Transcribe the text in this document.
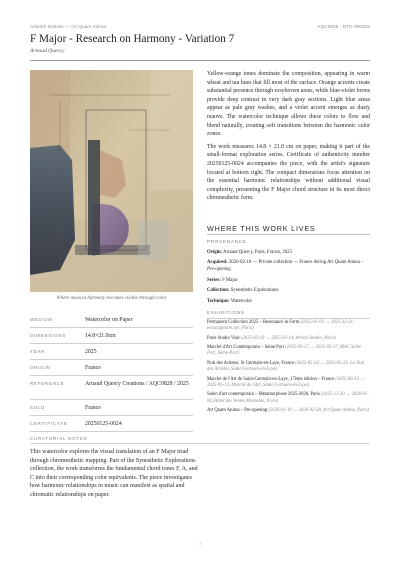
Artwork Notices — Art Quam Anima	AQC0828 · NTC-000425
F Major - Research on Harmony - Variation 7
Arnaud Quercy
Where musical harmony becomes visible through color
MEDIUM	Watercolor on Paper
DIMENSIONS	14.8×21.0cm
YEAR	2025
ORIGIN	France
REFERENCE	Arnaud Quercy Creations / AQC0828 / 2025
SOLD	France
CERTIFICATE	20250125-0024
CURATORIAL NOTES
This watercolor explores the visual translation of an F Major triad through chromesthetic mapping. Part of the Synesthetic Explorations collection, the work transforms the fundamental chord tones F, A, and C into their corresponding color equivalents. The piece investigates how harmonic relationships in music can manifest as spatial and chromatic relationships on paper.

Yellow-orange tones dominate the composition, appearing in warm wheat and tan hues that fill most of the surface. Orange accents create substantial presence through rosybrown areas, while blue-violet forms provide deep contrast in very dark gray sections. Light blue areas appear as pale gray washes, and a violet accent emerges as dusty mauve. The watercolor technique allows these colors to flow and blend naturally, creating soft transitions between the harmonic color zones.

The work measures 14.8 × 21.0 cm on paper, making it part of the small-format exploration series. Certificate of authenticity number 20250125-0024 accompanies the piece, with the artist's signature located at bottom right. The compact dimensions focus attention on the essential harmonic relationships without additional visual complexity, presenting the F Major chord structure in its most direct chromesthetic form.

WHERE THIS WORK LIVES
PROVENANCE
Origin: Arnaud Quercy, Paris, France, 2025
Acquired: 2026-02-18 — Private collection — France during Art Quam Anima – Pre-opening
Series: F Major
Collection: Synesthetic Explorations
Technique: Watercolor
EXHIBITIONS
Permanent Collection 2025 – Resonance in Form (2025-01-01 → 2025-12-31, ecosculptures.net, Paris)
Paris Studio Visit (2025-03-10 → 2025-03-14, Artist's Studio, Paris)
Marché d'Art Contemporain – Seine Port (2025-05-17 → 2025-05-17, MAC Seine Port, Seine-Port)
Nuit des Artistes, St Germain-en-Laye, France (2025-05-24 → 2025-05-24, La Nuit des Artistes, Saint-Germain-en-Laye)
Marché de l'Art de Saint-Germain-en-Laye, 17ème édition – France (2025-06-14 → 2025-06-14, Marché de l'Art, Saint-Germain-en-Laye)
Salon d'art contemporain – Metamorphose 2025-2026, Paris (2025-12-20 → 2026-01-04, Hôtel des Ventes Montaine, Paris)
Art Quam Anima – Pre-opening (2026-01-10 → 2026-02-28, Art Quam Anima, Paris)
1
